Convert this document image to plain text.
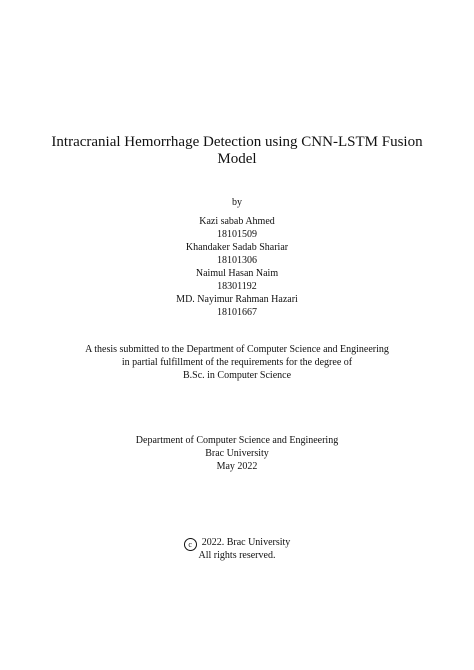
Intracranial Hemorrhage Detection using CNN-LSTM Fusion Model
by
Kazi sabab Ahmed
18101509
Khandaker Sadab Shariar
18101306
Naimul Hasan Naim
18301192
MD. Nayimur Rahman Hazari
18101667
A thesis submitted to the Department of Computer Science and Engineering
in partial fulfillment of the requirements for the degree of
B.Sc. in Computer Science
Department of Computer Science and Engineering
Brac University
May 2022
c 2022. Brac University
All rights reserved.
